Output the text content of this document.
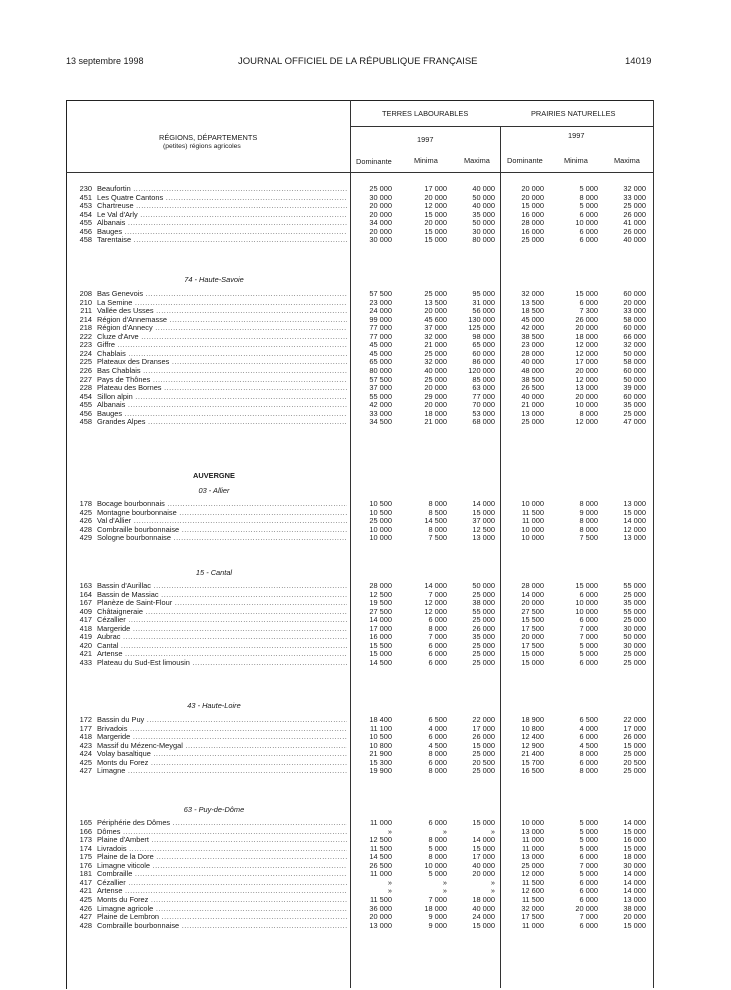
13 septembre 1998	JOURNAL OFFICIEL DE LA RÉPUBLIQUE FRANÇAISE	14019
TERRES LABOURABLES	PRAIRIES NATURELLES
RÉGIONS, DÉPARTEMENTS
(petites) régions agricoles
1997	1997
Dominante	Minima	Maxima Dominante	Minima	Maxima
230 Beaufortin .....	25 000	17 000	40 000	20 000	5 000	32 000
451 Les Quatre Cantons .....	30 000	20 000	50 000	20 000	8 000	33 000
453 Chartreuse .....	20 000	12 000	40 000	15 000	5 000	25 000
454 Le Val d'Arly .....	20 000	15 000	35 000	16 000	6 000	26 000
455 Albanais .....	34 000	20 000	50 000	28 000	10 000	41 000
456 Bauges .....	20 000	15 000	30 000	16 000	6 000	26 000
458 Tarentaise .....	30 000	15 000	80 000	25 000	6 000	40 000
74 - Haute-Savoie
208 Bas Genevois .....	57 500	25 000	95 000	32 000	15 000	60 000
210 La Semine .....	23 000	13 500	31 000	13 500	6 000	20 000
211 Vallée des Usses .....	24 000	20 000	56 000	18 500	7 300	33 000
214 Région d'Annemasse .....	99 000	45 600	130 000	45 000	26 000	58 000
218 Région d'Annecy .....	77 000	37 000	125 000	42 000	20 000	60 000
222 Cluze d'Arve .....	77 000	32 000	98 000	38 500	18 000	66 000
223 Giffre .....	45 000	21 000	65 000	23 000	12 000	32 000
224 Chablais .....	45 000	25 000	60 000	28 000	12 000	50 000
225 Plateaux des Dranses .....	65 000	32 000	86 000	40 000	17 000	58 000
226 Bas Chablais .....	80 000	40 000	120 000	48 000	20 000	60 000
227 Pays de Thônes .....	57 500	25 000	85 000	38 500	12 000	50 000
228 Plateau des Bornes .....	37 000	20 000	63 000	26 500	13 000	39 000
454 Sillon alpin .....	55 000	29 000	77 000	40 000	20 000	60 000
455 Albanais .....	42 000	20 000	70 000	21 000	10 000	35 000
456 Bauges .....	33 000	18 000	53 000	13 000	8 000	25 000
458 Grandes Alpes .....	34 500	21 000	68 000	25 000	12 000	47 000
AUVERGNE
03 - Allier
178 Bocage bourbonnais .....	10 500	8 000	14 000	10 000	8 000	13 000
425 Montagne bourbonnaise .....	10 500	8 500	15 000	11 500	9 000	15 000
426 Val d'Allier .....	25 000	14 500	37 000	11 000	8 000	14 000
428 Combraille bourbonnaise .....	10 000	8 000	12 500	10 000	8 000	12 000
429 Sologne bourbonnaise .....	10 000	7 500	13 000	10 000	7 500	13 000
15 - Cantal
163 Bassin d'Aurillac .....	28 000	14 000	50 000	28 000	15 000	55 000
164 Bassin de Massiac .....	12 500	7 000	25 000	14 000	6 000	25 000
167 Planèze de Saint-Flour .....	19 500	12 000	38 000	20 000	10 000	35 000
409 Châtaigneraie .....	27 500	12 000	55 000	27 500	10 000	55 000
417 Cézallier .....	14 000	6 000	25 000	15 500	6 000	25 000
418 Margeride .....	17 000	8 000	26 000	17 500	7 000	30 000
419 Aubrac .....	16 000	7 000	35 000	20 000	7 000	50 000
420 Cantal .....	15 500	6 000	25 000	17 500	5 000	30 000
421 Artense .....	15 000	6 000	25 000	15 000	5 000	25 000
433 Plateau du Sud-Est limousin .....	14 500	6 000	25 000	15 000	6 000	25 000
43 - Haute-Loire
172 Bassin du Puy .....	18 400	6 500	22 000	18 900	6 500	22 000
177 Brivadois .....	11 100	4 000	17 000	10 800	4 000	17 000
418 Margeride .....	10 500	6 000	26 000	12 400	6 000	26 000
423 Massif du Mézenc-Meygal .....	10 800	4 500	15 000	12 900	4 500	15 000
424 Volay basaltique .....	21 900	8 000	25 000	21 400	8 000	25 000
425 Monts du Forez .....	15 300	6 000	20 500	15 700	6 000	20 500
427 Limagne .....	19 900	8 000	25 000	16 500	8 000	25 000
63 - Puy-de-Dôme
165 Périphérie des Dômes .....	11 000	6 000	15 000	10 000	5 000	14 000
166 Dômes .....	»	»	»	13 000	5 000	15 000
173 Plaine d'Ambert .....	12 500	8 000	14 000	11 000	5 000	16 000
174 Livradois .....	11 500	5 000	15 000	11 000	5 000	15 000
175 Plaine de la Dore .....	14 500	8 000	17 000	13 000	6 000	18 000
176 Limagne viticole .....	26 500	10 000	40 000	25 000	7 000	30 000
181 Combraille .....	11 000	5 000	20 000	12 000	5 000	14 000
417 Cézallier .....	»	»	»	11 500	6 000	14 000
421 Artense .....	»	»	»	12 600	6 000	14 000
425 Monts du Forez .....	11 500	7 000	18 000	11 500	6 000	13 000
426 Limagne agricole .....	36 000	18 000	40 000	32 000	20 000	38 000
427 Plaine de Lembron .....	20 000	9 000	24 000	17 500	7 000	20 000
428 Combraille bourbonnaise .....	13 000	9 000	15 000	11 000	6 000	15 000
